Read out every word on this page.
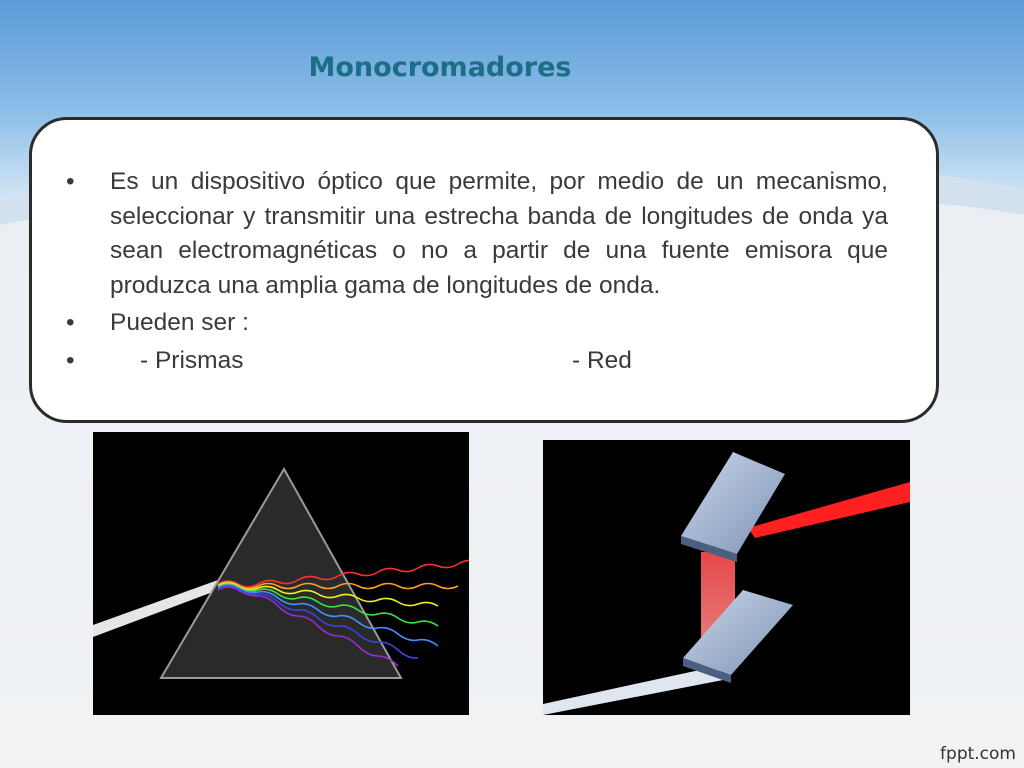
Monocromadores
•	Es un dispositivo óptico que permite, por medio de un mecanismo, seleccionar y transmitir una estrecha banda de longitudes de onda ya sean electromagnéticas o no a partir de una fuente emisora que produzca una amplia gama de longitudes de onda.
•	Pueden ser :
•	- Prismas	- Red
fppt.com
